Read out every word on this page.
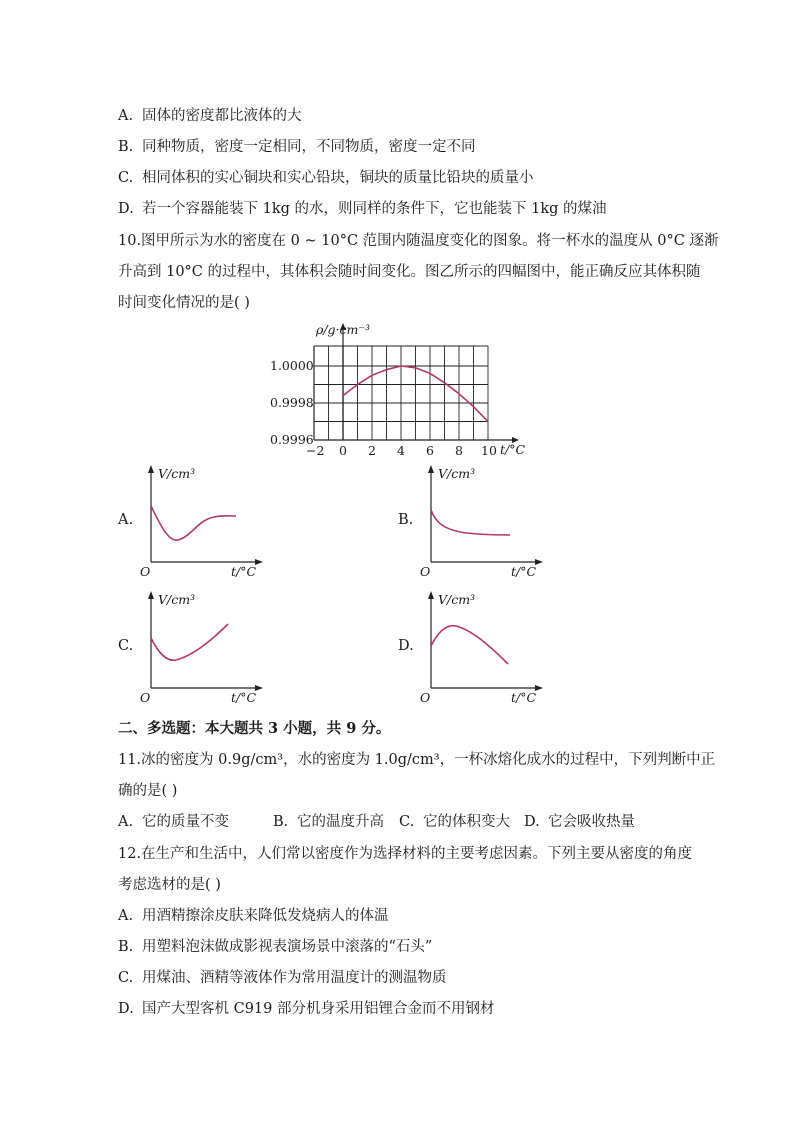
A. 固体的密度都比液体的大
B. 同种物质，密度一定相同，不同物质，密度一定不同
C. 相同体积的实心铜块和实心铅块，铜块的质量比铅块的质量小
D. 若一个容器能装下 1kg 的水，则同样的条件下，它也能装下 1kg 的煤油
10.图甲所示为水的密度在 0 ~ 10°C 范围内随温度变化的图象。将一杯水的温度从 0°C 逐渐
升高到 10°C 的过程中，其体积会随时间变化。图乙所示的四幅图中，能正确反应其体积随
时间变化情况的是( )
ρ/g·cm⁻³
1.0000
0.9998
0.9996
−2 0 2 4 6 8 10 t/°C
A.
V/cm³
O	t/°C
B.
V/cm³
O	t/°C
C.
V/cm³
O	t/°C
D.
V/cm³
O	t/°C
二、多选题：本大题共 3 小题，共 9 分。
11.冰的密度为 0.9g/cm³，水的密度为 1.0g/cm³，一杯冰熔化成水的过程中，下列判断中正
确的是( )
A. 它的质量不变	B. 它的温度升高 C. 它的体积变大 D. 它会吸收热量
12.在生产和生活中，人们常以密度作为选择材料的主要考虑因素。下列主要从密度的角度
考虑选材的是( )
A. 用酒精擦涂皮肤来降低发烧病人的体温
B. 用塑料泡沫做成影视表演场景中滚落的“石头”
C. 用煤油、酒精等液体作为常用温度计的测温物质
D. 国产大型客机 C919 部分机身采用铝锂合金而不用钢材
